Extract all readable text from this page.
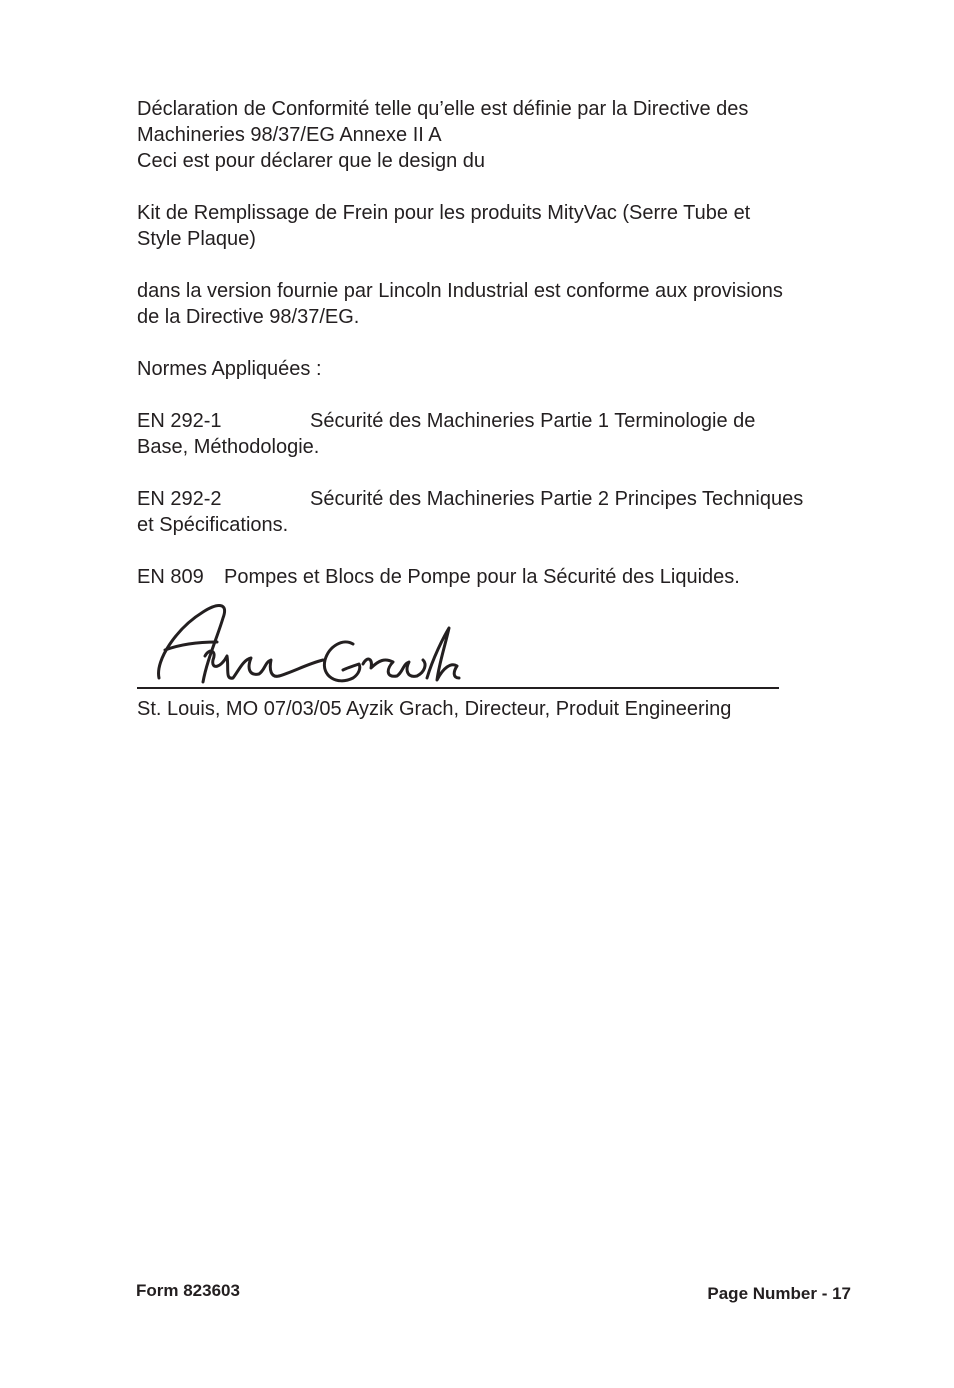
Déclaration de Conformité telle qu’elle est définie par la Directive des
Machineries 98/37/EG Annexe II A
Ceci est pour déclarer que le design du

Kit de Remplissage de Frein pour les produits MityVac (Serre Tube et
Style Plaque)

dans la version fournie par Lincoln Industrial est conforme aux provisions
de la Directive 98/37/EG.

Normes Appliquées :

EN 292-1	Sécurité des Machineries Partie 1 Terminologie de
Base, Méthodologie.

EN 292-2	Sécurité des Machineries Partie 2 Principes Techniques
et Spécifications.

EN 809 Pompes et Blocs de Pompe pour la Sécurité des Liquides.

St. Louis, MO 07/03/05 Ayzik Grach, Directeur, Produit Engineering
Form 823603	Page Number - 17
